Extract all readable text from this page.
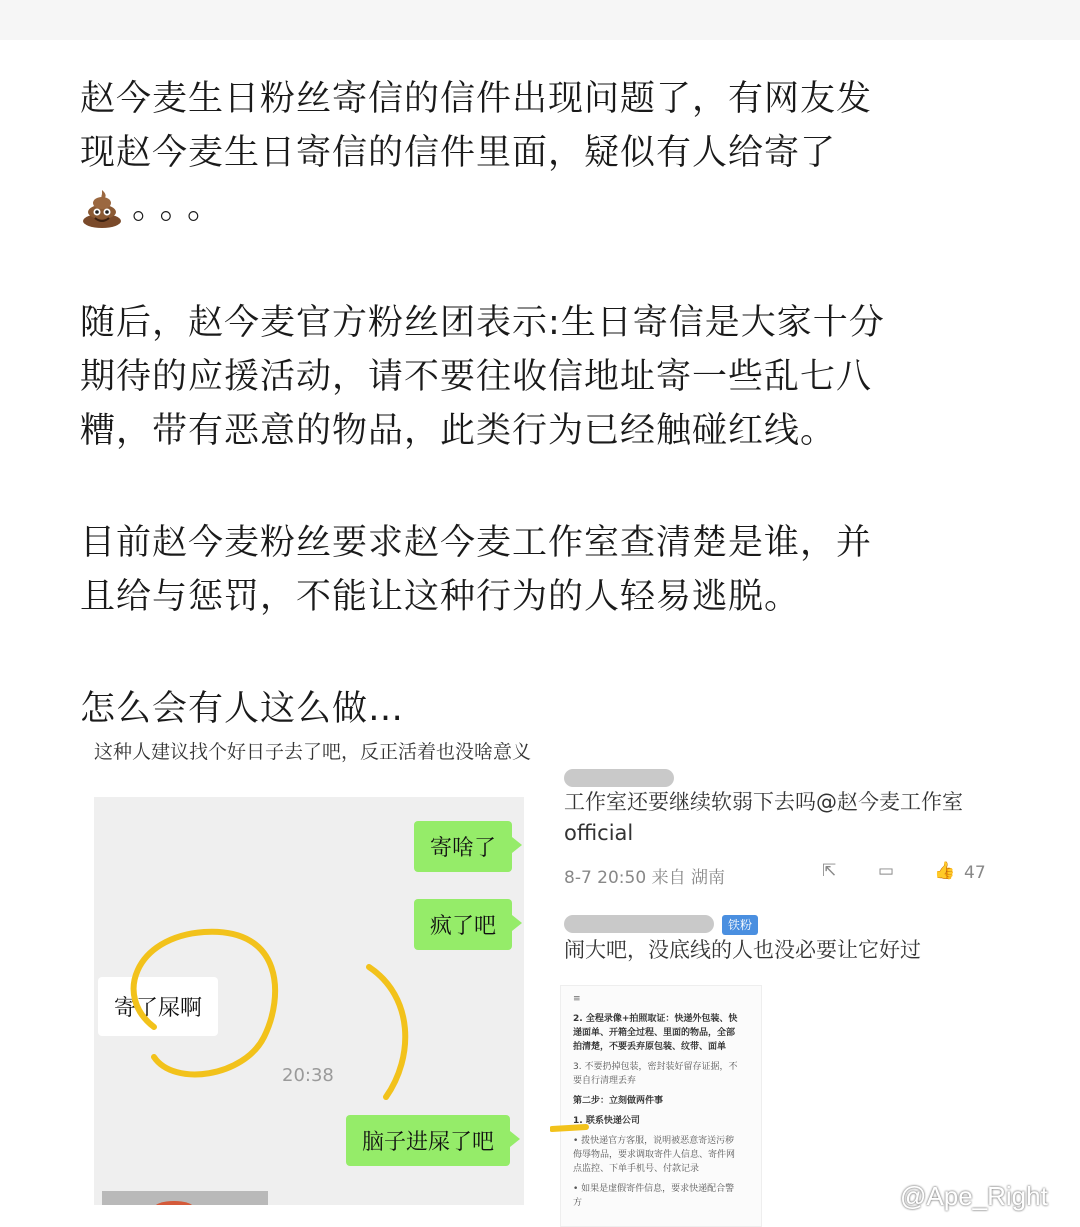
赵今麦生日粉丝寄信的信件出现问题了，有网友发
现赵今麦生日寄信的信件里面，疑似有人给寄了
。。。
随后，赵今麦官方粉丝团表示:生日寄信是大家十分
期待的应援活动，请不要往收信地址寄一些乱七八
糟，带有恶意的物品，此类行为已经触碰红线。
目前赵今麦粉丝要求赵今麦工作室查清楚是谁，并
且给与惩罚，不能让这种行为的人轻易逃脱。
怎么会有人这么做…

这种人建议找个好日子去了吧，反正活着也没啥意义

寄啥了
疯了吧
寄了屎啊
20:38
脑子进屎了吧

工作室还要继续软弱下去吗@赵今麦工作室official

8-7 20:50 来自 湖南	⇱ ▭ 👍 47
铁粉

闹大吧，没底线的人也没必要让它好过

≡

2. 全程录像+拍照取证：快递外包装、快递面单、开箱全过程、里面的物品，全部拍清楚，不要丢弃原包装、纹带、面单

3. 不要扔掉包装，密封装好留存证据，不要自行清理丢弃

第二步：立刻做两件事

1. 联系快递公司

• 拨快递官方客服，说明被恶意寄送污秽侮辱物品，要求调取寄件人信息、寄件网点监控、下单手机号、付款记录

• 如果是虚假寄件信息，要求快递配合警方	@Ape_Right
